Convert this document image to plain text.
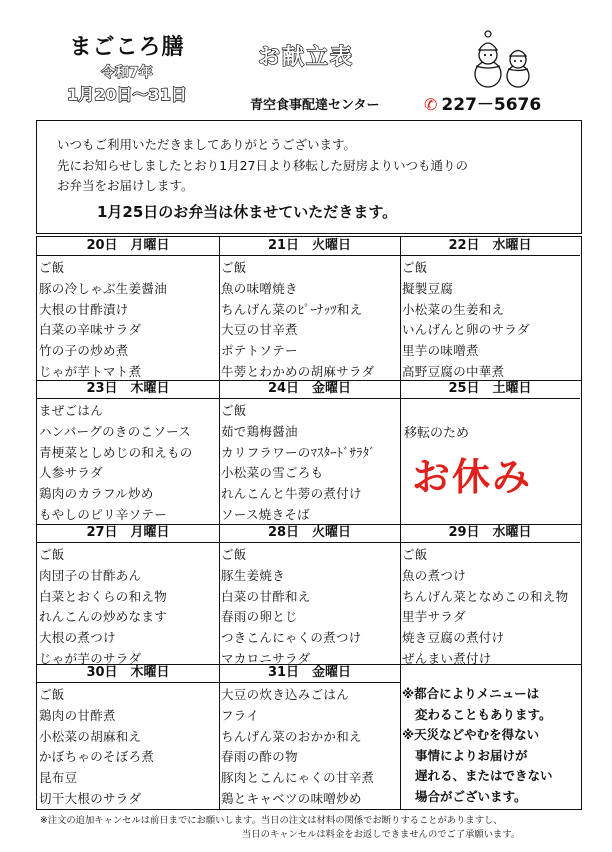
まごころ膳
令和7年
1月20日～31日
お献立表
青空食事配達センター	✆ 227－5676
いつもご利用いただきましてありがとうございます。
先にお知らせしましたとおり1月27日より移転した厨房よりいつも通りの
お弁当をお届けします。
1月25日のお弁当は休ませていただきます。
20日　月曜日
ご飯
豚の冷しゃぶ生姜醤油
大根の甘酢漬け
白菜の辛味サラダ
竹の子の炒め煮
じゃが芋トマト煮
21日　火曜日
ご飯
魚の味噌焼き
ちんげん菜のﾋﾟｰﾅｯﾂ和え
大豆の甘辛煮
ポテトソテー
牛蒡とわかめの胡麻サラダ
22日　水曜日
ご飯
擬製豆腐
小松菜の生姜和え
いんげんと卵のサラダ
里芋の味噌煮
高野豆腐の中華煮
23日　木曜日
まぜごはん
ハンバーグのきのこソース
青梗菜としめじの和えもの
人参サラダ
鶏肉のカラフル炒め
もやしのピリ辛ソテー
24日　金曜日
ご飯
茹で鶏梅醤油
カリフラワーのﾏｽﾀｰﾄﾞｻﾗﾀﾞ
小松菜の雪ごろも
れんこんと牛蒡の煮付け
ソース焼きそば
25日　土曜日
移転のため
お休み
27日　月曜日
ご飯
肉団子の甘酢あん
白菜とおくらの和え物
れんこんの炒めなます
大根の煮つけ
じゃが芋のサラダ
28日　火曜日
ご飯
豚生姜焼き
白菜の甘酢和え
春雨の卵とじ
つきこんにゃくの煮つけ
マカロニサラダ
29日　水曜日
ご飯
魚の煮つけ
ちんげん菜となめこの和え物
里芋サラダ
焼き豆腐の煮付け
ぜんまい煮付け
30日　木曜日
ご飯
鶏肉の甘酢煮
小松菜の胡麻和え
かぼちゃのそぼろ煮
昆布豆
切干大根のサラダ
31日　金曜日
大豆の炊き込みごはん
フライ
ちんげん菜のおかか和え
春雨の酢の物
豚肉とこんにゃくの甘辛煮
鶏とキャベツの味噌炒め
※都合によりメニューは
変わることもあります。
※天災などやむを得ない
事情によりお届けが
遅れる、またはできない
場合がございます。
※注文の追加キャンセルは前日までにお願いします。当日の注文は材料の関係でお断りすることがありますし、
当日のキャンセルは料金をお返しできませんのでご了承願います。
